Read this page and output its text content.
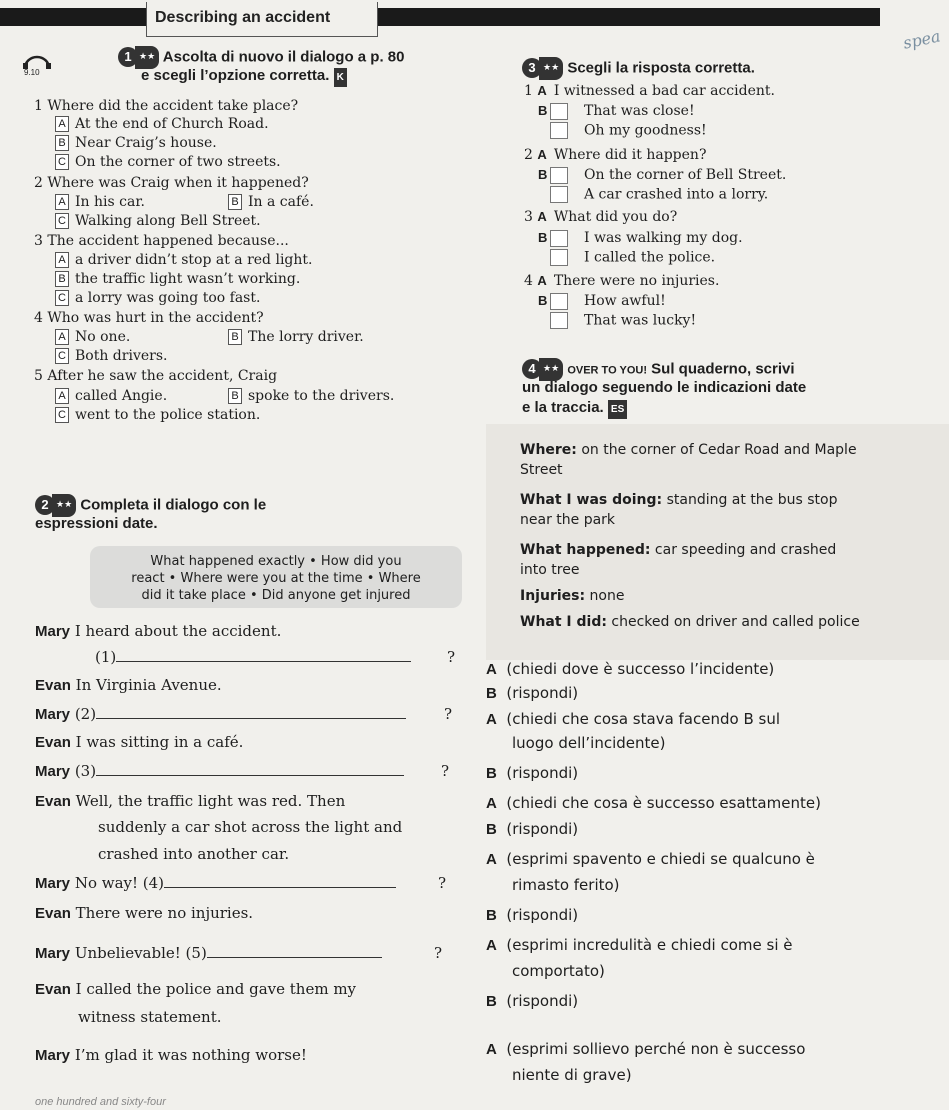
Describing an accident
spea
9.10
1 ★★ Ascolta di nuovo il dialogo a p. 80
e scegli l’opzione corretta. K
1 Where did the accident take place?
A At the end of Church Road.
B Near Craig’s house.
C On the corner of two streets.
2 Where was Craig when it happened?
A In his car.	B In a café.
C Walking along Bell Street.
3 The accident happened because...
A a driver didn’t stop at a red light.
B the traffic light wasn’t working.
C a lorry was going too fast.
4 Who was hurt in the accident?
A No one.	B The lorry driver.
C Both drivers.
5 After he saw the accident, Craig
A called Angie.	B spoke to the drivers.
C went to the police station.
2 ★★ Completa il dialogo con le
espressioni date.
What happened exactly • How did you
react • Where were you at the time • Where
did it take place • Did anyone get injured
Mary I heard about the accident.
(1)	?
Evan In Virginia Avenue.
Mary (2)	?
Evan I was sitting in a café.
Mary (3)	?
Evan Well, the traffic light was red. Then
suddenly a car shot across the light and
crashed into another car.
Mary No way! (4)	?
Evan There were no injuries.
Mary Unbelievable! (5)	?
Evan I called the police and gave them my
witness statement.
Mary I’m glad it was nothing worse!
one hundred and sixty-four
3 ★★ Scegli la risposta corretta.
1 A I witnessed a bad car accident.
B	That was close!
Oh my goodness!
2 A Where did it happen?
B	On the corner of Bell Street.
A car crashed into a lorry.
3 A What did you do?
B	I was walking my dog.
I called the police.
4 A There were no injuries.
B	How awful!
That was lucky!
4 ★★ OVER TO YOU! Sul quaderno, scrivi
un dialogo seguendo le indicazioni date
e la traccia. ES
Where: on the corner of Cedar Road and Maple
Street
What I was doing: standing at the bus stop
near the park
What happened: car speeding and crashed
into tree
Injuries: none
What I did: checked on driver and called police
A (chiedi dove è successo l’incidente)
B (rispondi)
A (chiedi che cosa stava facendo B sul
luogo dell’incidente)
B (rispondi)
A (chiedi che cosa è successo esattamente)
B (rispondi)
A (esprimi spavento e chiedi se qualcuno è
rimasto ferito)
B (rispondi)
A (esprimi incredulità e chiedi come si è
comportato)
B (rispondi)
A (esprimi sollievo perché non è successo
niente di grave)
